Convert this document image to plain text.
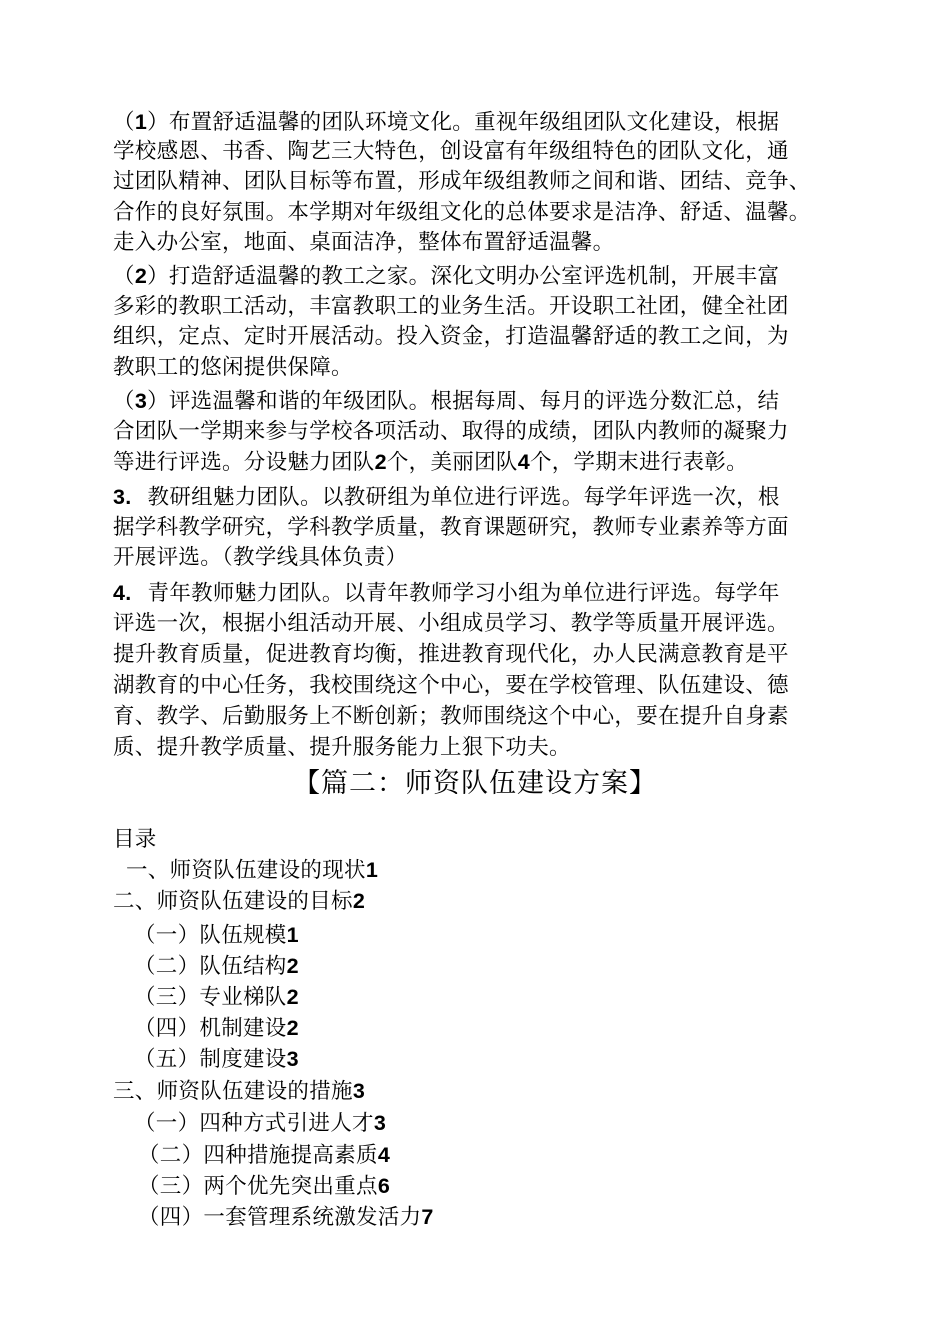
（1）布置舒适温馨的团队环境文化。重视年级组团队文化建设，根据
学校感恩、书香、陶艺三大特色，创设富有年级组特色的团队文化，通
过团队精神、团队目标等布置，形成年级组教师之间和谐、团结、竞争、
合作的良好氛围。本学期对年级组文化的总体要求是洁净、舒适、温馨。
走入办公室，地面、桌面洁净，整体布置舒适温馨。
（2）打造舒适温馨的教工之家。深化文明办公室评选机制，开展丰富
多彩的教职工活动，丰富教职工的业务生活。开设职工社团，健全社团
组织，定点、定时开展活动。投入资金，打造温馨舒适的教工之间，为
教职工的悠闲提供保障。
（3）评选温馨和谐的年级团队。根据每周、每月的评选分数汇总，结
合团队一学期来参与学校各项活动、取得的成绩，团队内教师的凝聚力
等进行评选。分设魅力团队2个，美丽团队4个，学期末进行表彰。
3. 教研组魅力团队。以教研组为单位进行评选。每学年评选一次，根
据学科教学研究，学科教学质量，教育课题研究，教师专业素养等方面
开展评选。（教学线具体负责）
4. 青年教师魅力团队。以青年教师学习小组为单位进行评选。每学年
评选一次，根据小组活动开展、小组成员学习、教学等质量开展评选。
提升教育质量，促进教育均衡，推进教育现代化，办人民满意教育是平
湖教育的中心任务，我校围绕这个中心，要在学校管理、队伍建设、德
育、教学、后勤服务上不断创新；教师围绕这个中心，要在提升自身素
质、提升教学质量、提升服务能力上狠下功夫。
【篇二：师资队伍建设方案】
目录
一、师资队伍建设的现状1
二、师资队伍建设的目标2
（一）队伍规模1
（二）队伍结构2
（三）专业梯队2
（四）机制建设2
（五）制度建设3
三、师资队伍建设的措施3
（一）四种方式引进人才3
（二）四种措施提高素质4
（三）两个优先突出重点6
（四）一套管理系统激发活力7
